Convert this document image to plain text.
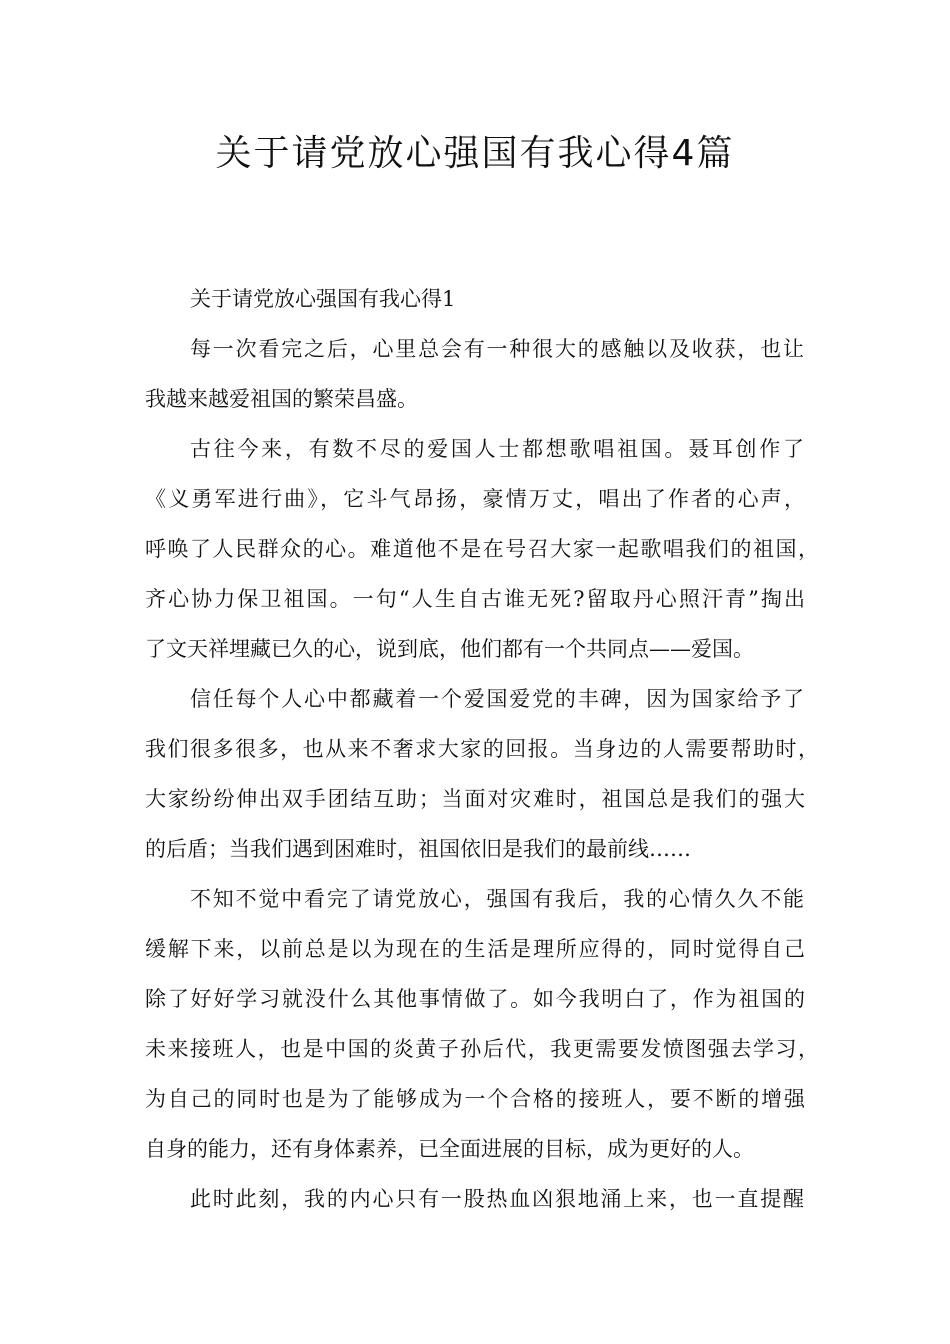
关于请党放心强国有我心得4篇

关于请党放心强国有我心得1

每一次看完之后，心里总会有一种很大的感触以及收获，也让

我越来越爱祖国的繁荣昌盛。

古往今来，有数不尽的爱国人士都想歌唱祖国。聂耳创作了

《义勇军进行曲》，它斗气昂扬，豪情万丈，唱出了作者的心声，

呼唤了人民群众的心。难道他不是在号召大家一起歌唱我们的祖国，

齐心协力保卫祖国。一句“人生自古谁无死?留取丹心照汗青”掏出

了文天祥埋藏已久的心，说到底，他们都有一个共同点——爱国。

信任每个人心中都藏着一个爱国爱党的丰碑，因为国家给予了

我们很多很多，也从来不奢求大家的回报。当身边的人需要帮助时，

大家纷纷伸出双手团结互助；当面对灾难时，祖国总是我们的强大

的后盾；当我们遇到困难时，祖国依旧是我们的最前线……

不知不觉中看完了请党放心，强国有我后，我的心情久久不能

缓解下来，以前总是以为现在的生活是理所应得的，同时觉得自己

除了好好学习就没什么其他事情做了。如今我明白了，作为祖国的

未来接班人，也是中国的炎黄子孙后代，我更需要发愤图强去学习，

为自己的同时也是为了能够成为一个合格的接班人，要不断的增强

自身的能力，还有身体素养，已全面进展的目标，成为更好的人。

此时此刻，我的内心只有一股热血凶狠地涌上来，也一直提醒
